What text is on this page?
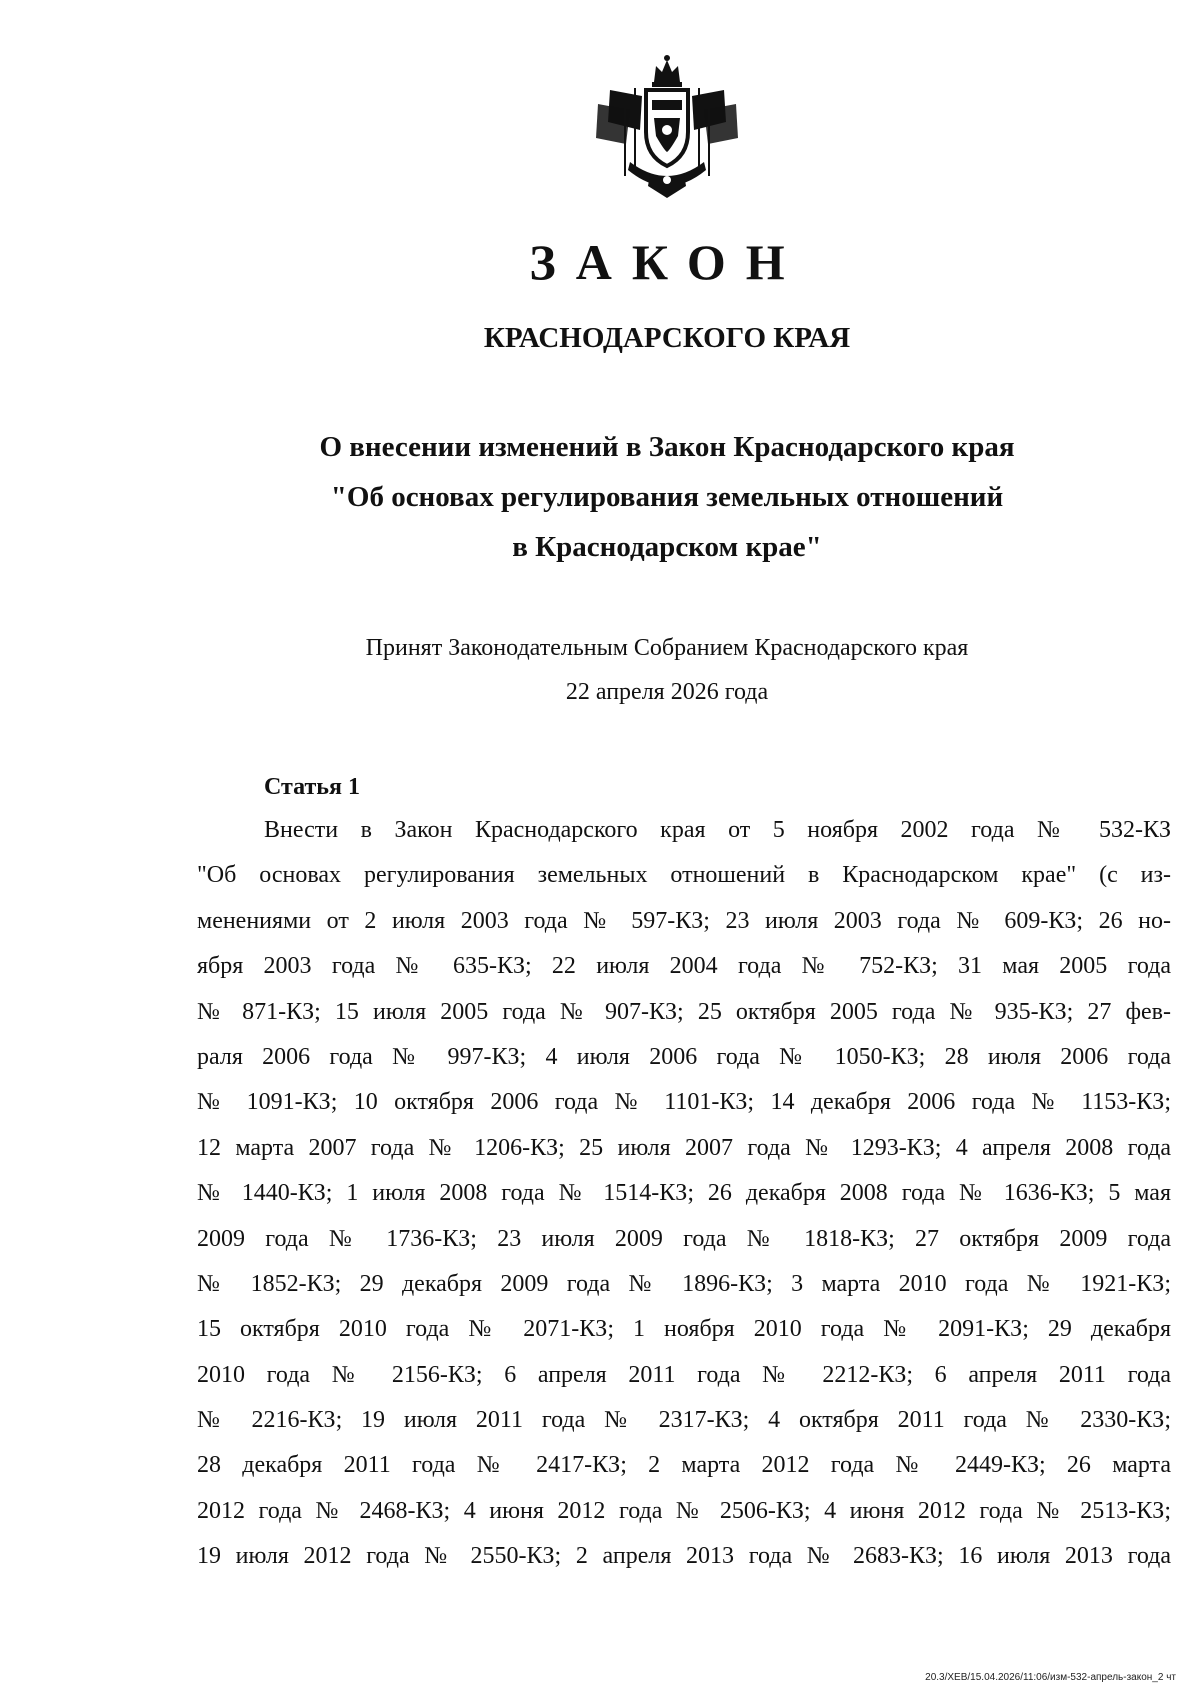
ЗАКОН
КРАСНОДАРСКОГО КРАЯ
О внесении изменений в Закон Краснодарского края
"Об основах регулирования земельных отношений
в Краснодарском крае"
Принят Законодательным Собранием Краснодарского края
22 апреля 2026 года
Статья 1
Внести в Закон Краснодарского края от 5 ноября 2002 года № 532-КЗ
"Об основах регулирования земельных отношений в Краснодарском крае" (с из-
менениями от 2 июля 2003 года № 597-КЗ; 23 июля 2003 года № 609-КЗ; 26 но-
ября 2003 года № 635-КЗ; 22 июля 2004 года № 752-КЗ; 31 мая 2005 года
№ 871-КЗ; 15 июля 2005 года № 907-КЗ; 25 октября 2005 года № 935-КЗ; 27 фев-
раля 2006 года № 997-КЗ; 4 июля 2006 года № 1050-КЗ; 28 июля 2006 года
№ 1091-КЗ; 10 октября 2006 года № 1101-КЗ; 14 декабря 2006 года № 1153-КЗ;
12 марта 2007 года № 1206-КЗ; 25 июля 2007 года № 1293-КЗ; 4 апреля 2008 года
№ 1440-КЗ; 1 июля 2008 года № 1514-КЗ; 26 декабря 2008 года № 1636-КЗ; 5 мая
2009 года № 1736-КЗ; 23 июля 2009 года № 1818-КЗ; 27 октября 2009 года
№ 1852-КЗ; 29 декабря 2009 года № 1896-КЗ; 3 марта 2010 года № 1921-КЗ;
15 октября 2010 года № 2071-КЗ; 1 ноября 2010 года № 2091-КЗ; 29 декабря
2010 года № 2156-КЗ; 6 апреля 2011 года № 2212-КЗ; 6 апреля 2011 года
№ 2216-КЗ; 19 июля 2011 года № 2317-КЗ; 4 октября 2011 года № 2330-КЗ;
28 декабря 2011 года № 2417-КЗ; 2 марта 2012 года № 2449-КЗ; 26 марта
2012 года № 2468-КЗ; 4 июня 2012 года № 2506-КЗ; 4 июня 2012 года № 2513-КЗ;
19 июля 2012 года № 2550-КЗ; 2 апреля 2013 года № 2683-КЗ; 16 июля 2013 года
20.3/ХЕВ/15.04.2026/11:06/изм-532-апрель-закон_2 чт
